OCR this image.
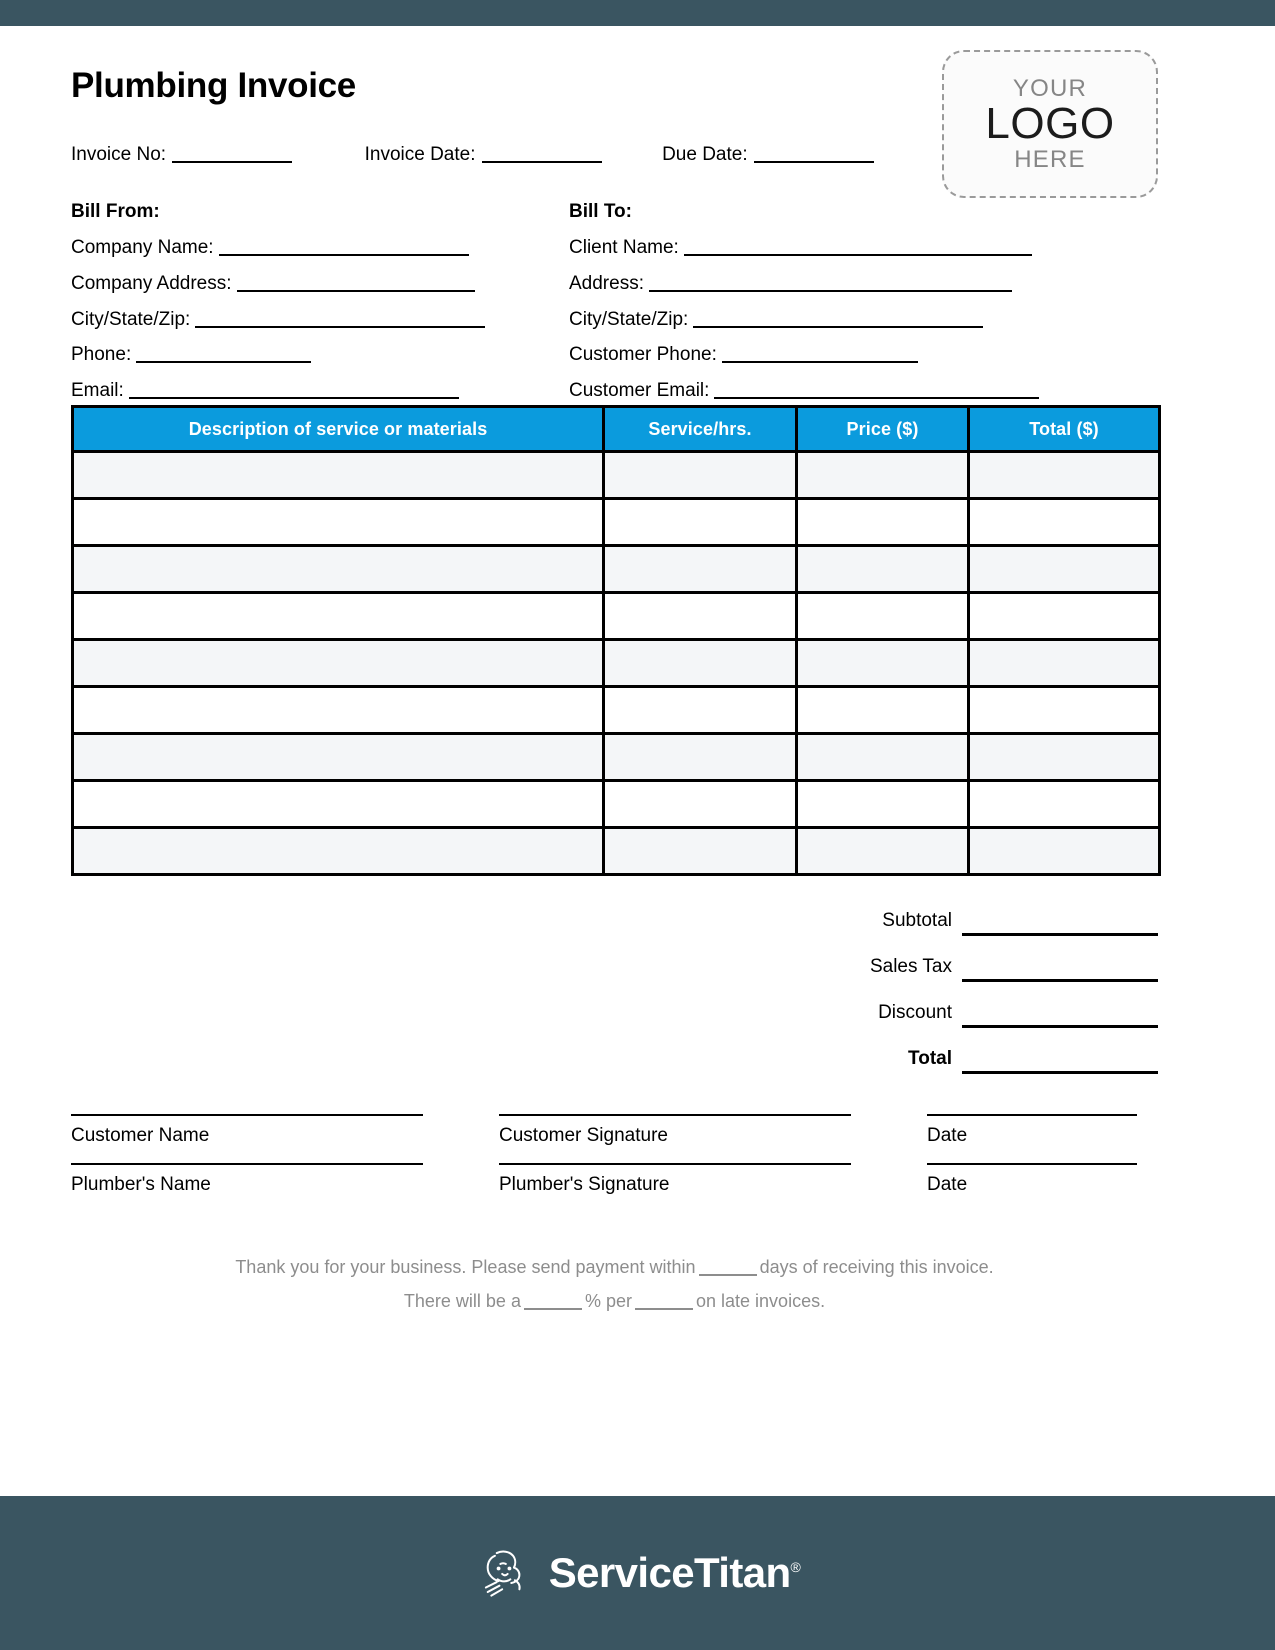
Plumbing Invoice	YOUR
LOGO
HERE
Invoice No:	Invoice Date:	Due Date:
Bill From:
Company Name:
Company Address:
City/State/Zip:
Phone:
Email:
Bill To:
Client Name:
Address:
City/State/Zip:
Customer Phone:
Customer Email:
Description of service or materials	Service/hrs.	Price ($)	Total ($)

Subtotal
Sales Tax
Discount
Total
Customer Name	Customer Signature	Date
Plumber's Name	Plumber's Signature	Date
Thank you for your business. Please send payment within	days of receiving this invoice.
There will be a	% per	on late invoices.
ServiceTitan®
